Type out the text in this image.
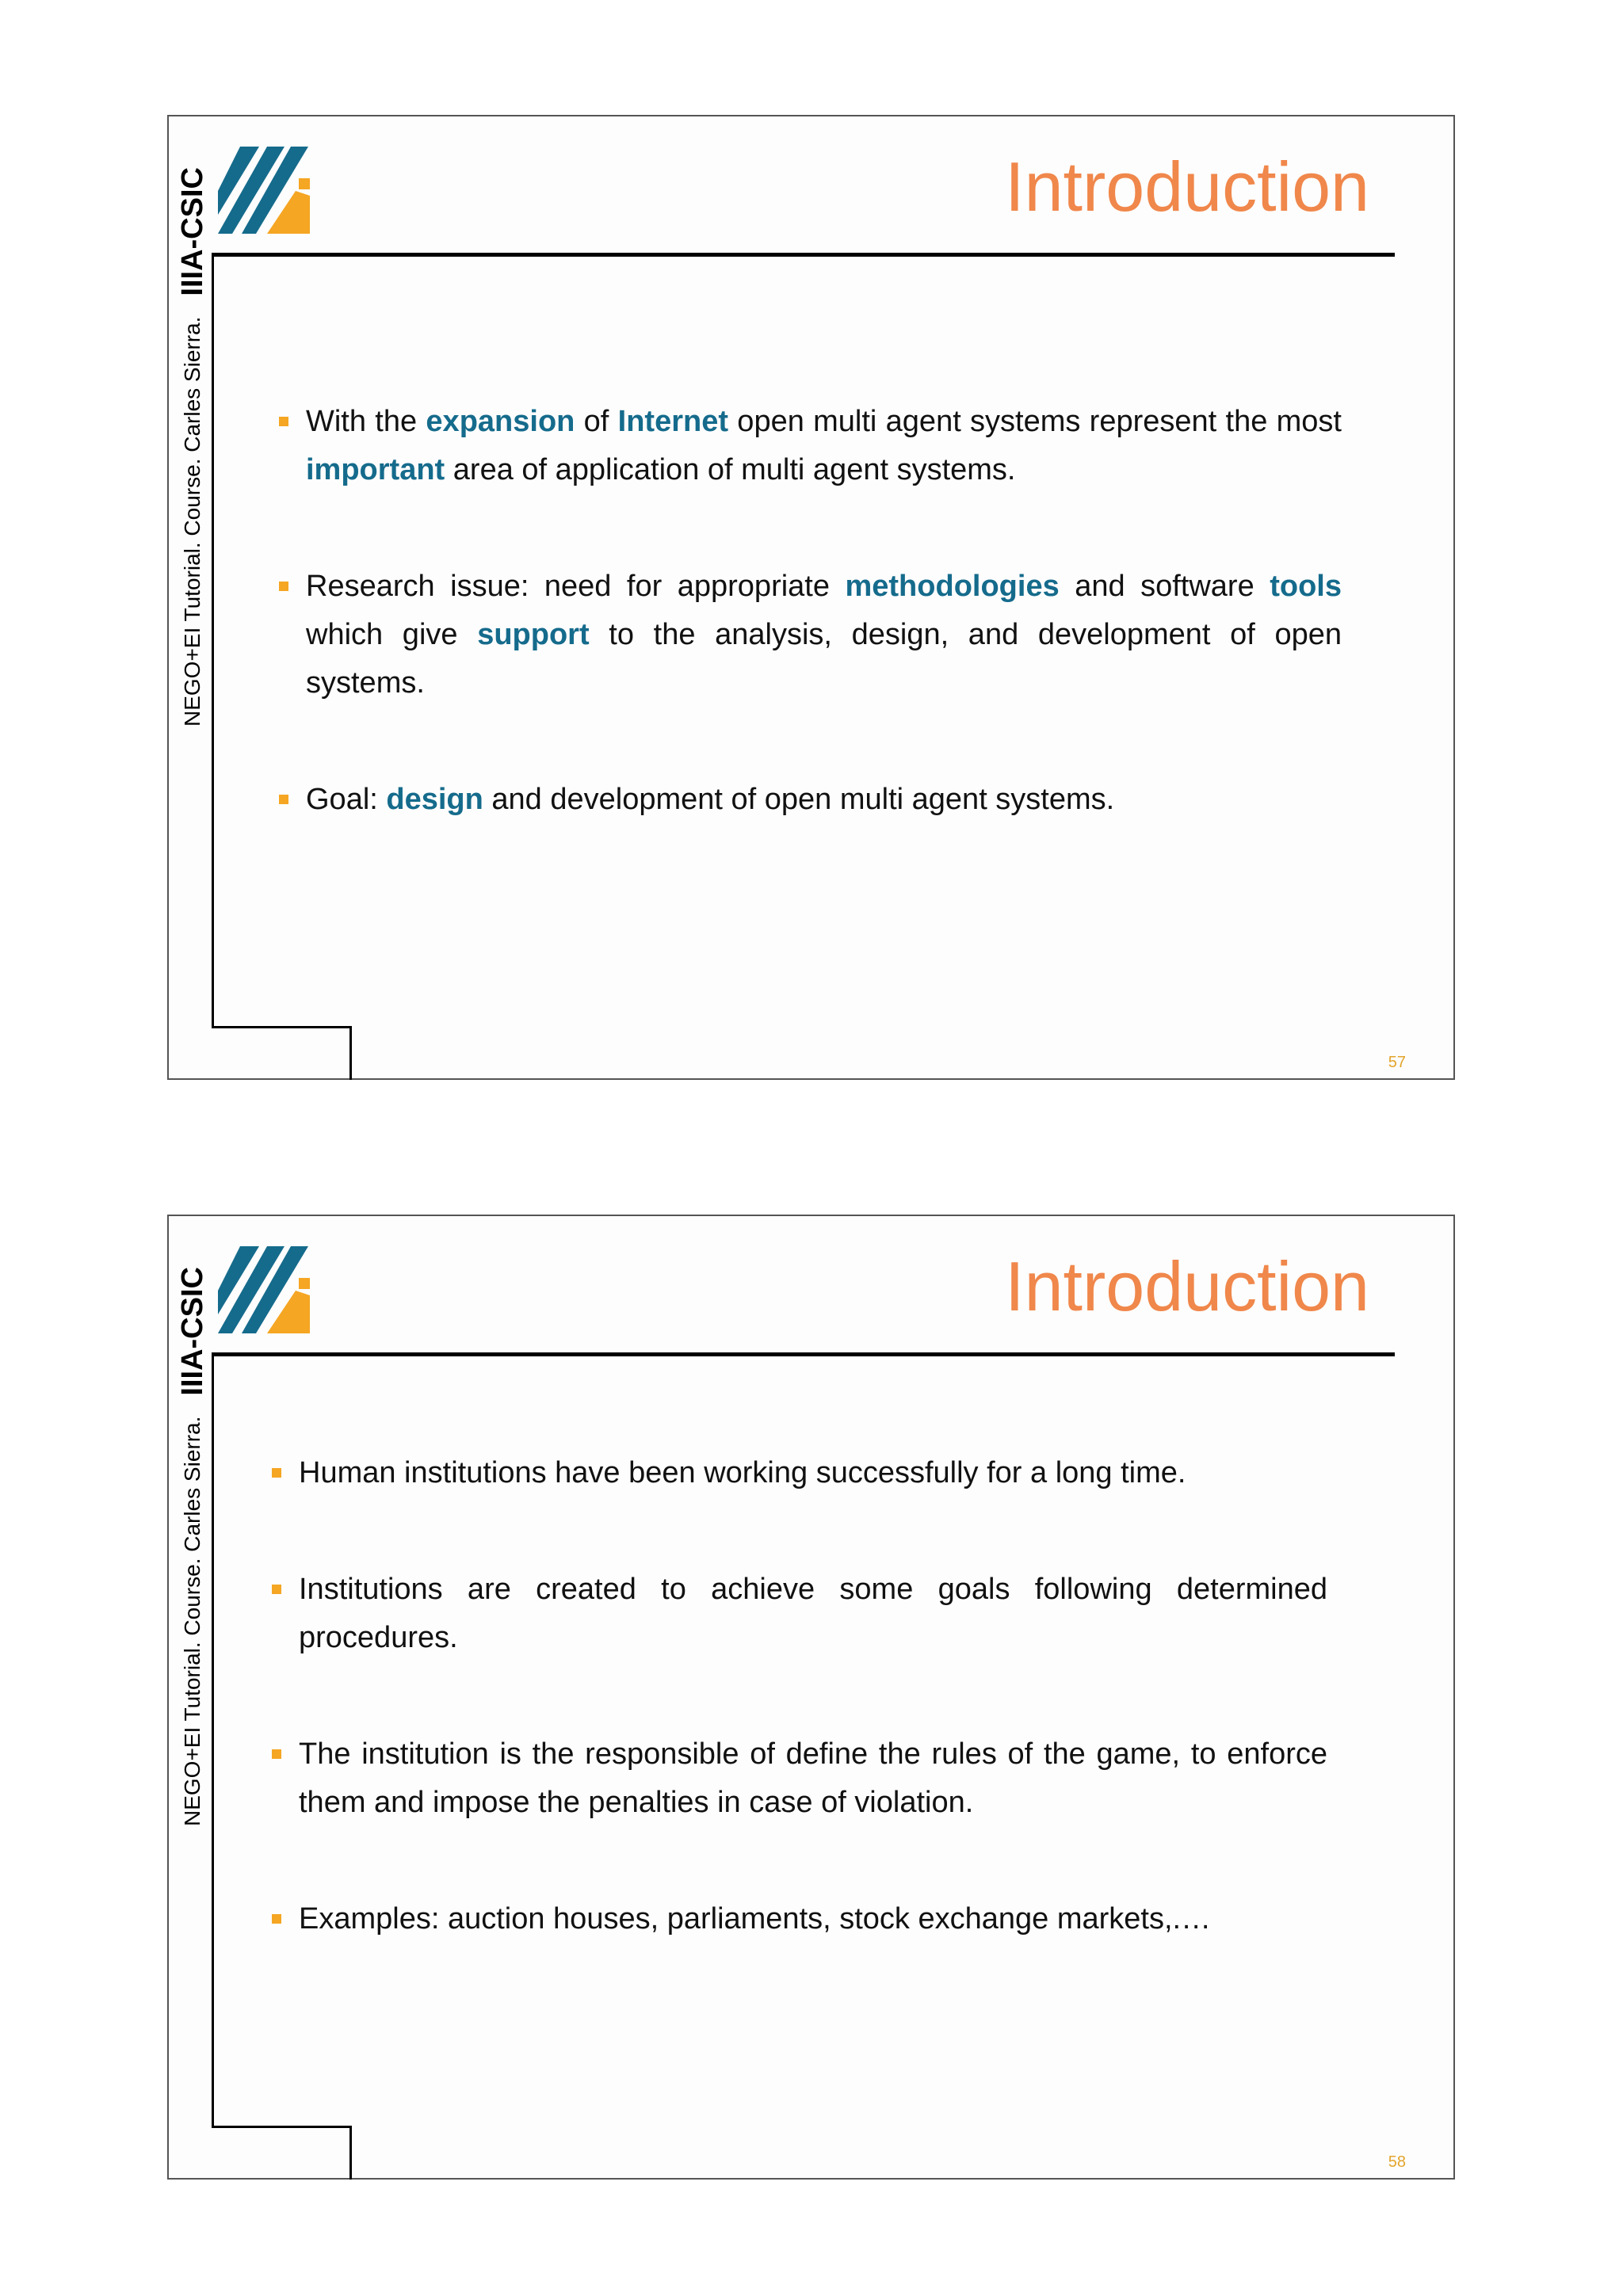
NEGO+EI Tutorial. Course. Carles Sierra.
IIIA-CSIC	Introduction
With the expansion of Internet open multi agent systems represent the most important area of application of multi agent systems.
Research issue: need for appropriate methodologies and software tools which give support to the analysis, design, and development of open systems.
Goal: design and development of open multi agent systems.
57
NEGO+EI Tutorial. Course. Carles Sierra.
IIIA-CSIC	Introduction
Human institutions have been working successfully for a long time.
Institutions are created to achieve some goals following determined procedures.
The institution is the responsible of define the rules of the game, to enforce them and impose the penalties in case of violation.
Examples: auction houses, parliaments, stock exchange markets,.…
58
